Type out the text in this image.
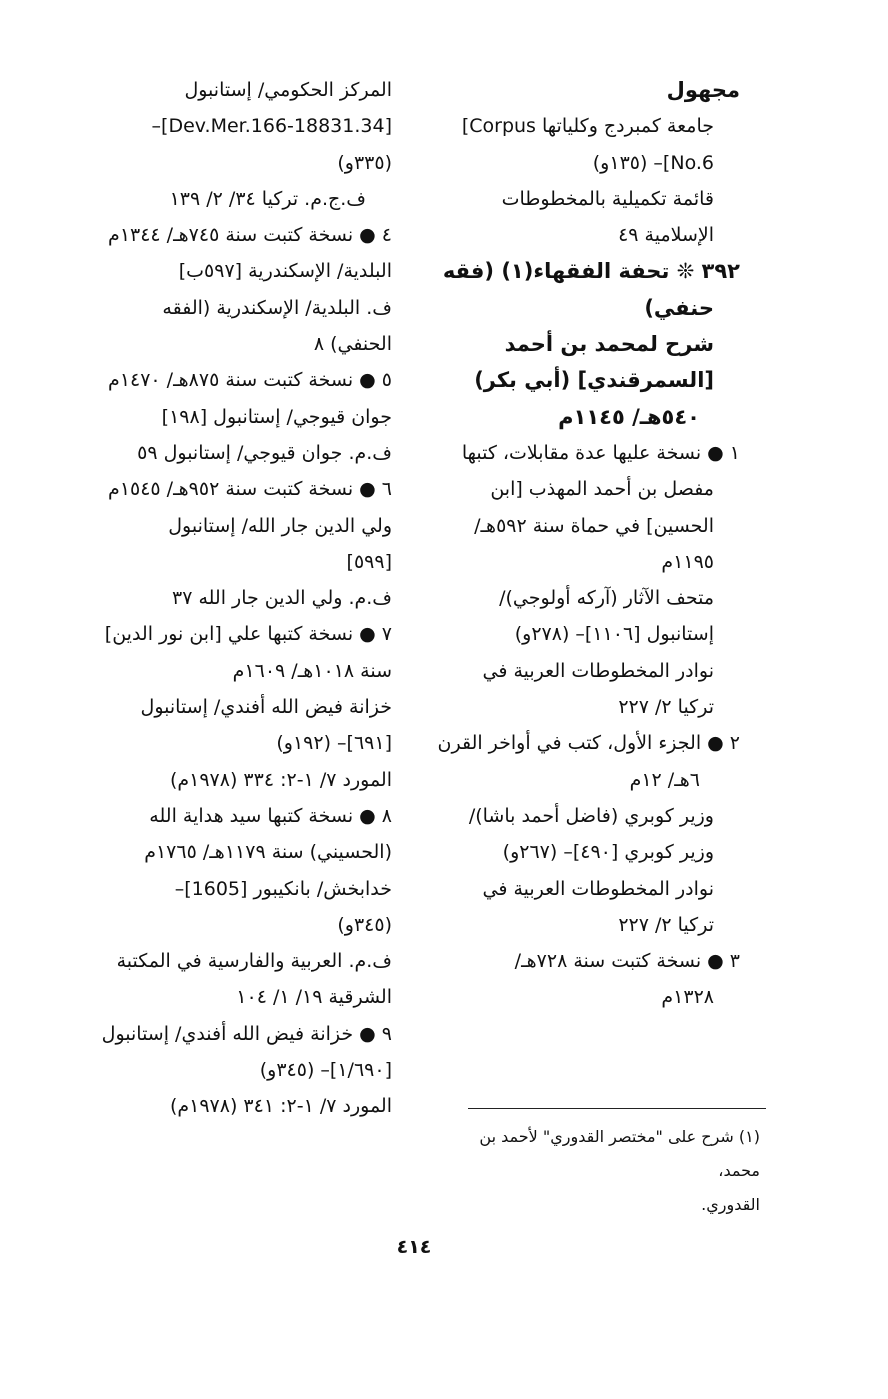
مجهول
جامعة كمبردج وكلياتها Corpus]
No.6]– (١٣٥و)
قائمة تكميلية بالمخطوطات
الإسلامية ٤٩
٣٩٢ ❊ تحفة الفقهاء(١) (فقه
حنفي)
شرح لمحمد بن أحمد
[السمرقندي] (أبي بكر)
٥٤٠هـ/ ١١٤٥م
١ ● نسخة عليها عدة مقابلات، كتبها
مفصل بن أحمد المهذب [ابن
الحسين] في حماة سنة ٥٩٢هـ/
١١٩٥م
متحف الآثار (آركه أولوجي)/
إستانبول [١١٠٦]– (٢٧٨و)
نوادر المخطوطات العربية في
تركيا ٢/ ٢٢٧
٢ ● الجزء الأول، كتب في أواخر القرن
٦هـ/ ١٢م
وزير كوبري (فاضل أحمد باشا)/
وزير كوبري [٤٩٠]– (٢٦٧و)
نوادر المخطوطات العربية في
تركيا ٢/ ٢٢٧
٣ ● نسخة كتبت سنة ٧٢٨هـ/
١٣٢٨م
المركز الحكومي/ إستانبول
[34.Dev.Mer.166-18831]–
(٣٣٥و)
ف.ج.م. تركيا ٣٤/ ٢/ ١٣٩
٤ ● نسخة كتبت سنة ٧٤٥هـ/ ١٣٤٤م
البلدية/ الإسكندرية [٥٩٧ب]
ف. البلدية/ الإسكندرية (الفقه
الحنفي) ٨
٥ ● نسخة كتبت سنة ٨٧٥هـ/ ١٤٧٠م
جوان قيوجي/ إستانبول [١٩٨]
ف.م. جوان قيوجي/ إستانبول ٥٩
٦ ● نسخة كتبت سنة ٩٥٢هـ/ ١٥٤٥م
ولي الدين جار الله/ إستانبول
[٥٩٩]
ف.م. ولي الدين جار الله ٣٧
٧ ● نسخة كتبها علي [ابن نور الدين]
سنة ١٠١٨هـ/ ١٦٠٩م
خزانة فيض الله أفندي/ إستانبول
[٦٩١]– (١٩٢و)
المورد ٧/ ١-٢: ٣٣٤ (١٩٧٨م)
٨ ● نسخة كتبها سيد هداية الله
(الحسيني) سنة ١١٧٩هـ/ ١٧٦٥م
خدابخش/ بانكيبور [1605]–
(٣٤٥و)
ف.م. العربية والفارسية في المكتبة
الشرقية ١٩/ ١/ ١٠٤
٩ ● خزانة فيض الله أفندي/ إستانبول
[١/٦٩٠]– (٣٤٥و)
المورد ٧/ ١-٢: ٣٤١ (١٩٧٨م)
(١) شرح على "مختصر القدوري" لأحمد بن محمد،
القدوري.
٤١٤
